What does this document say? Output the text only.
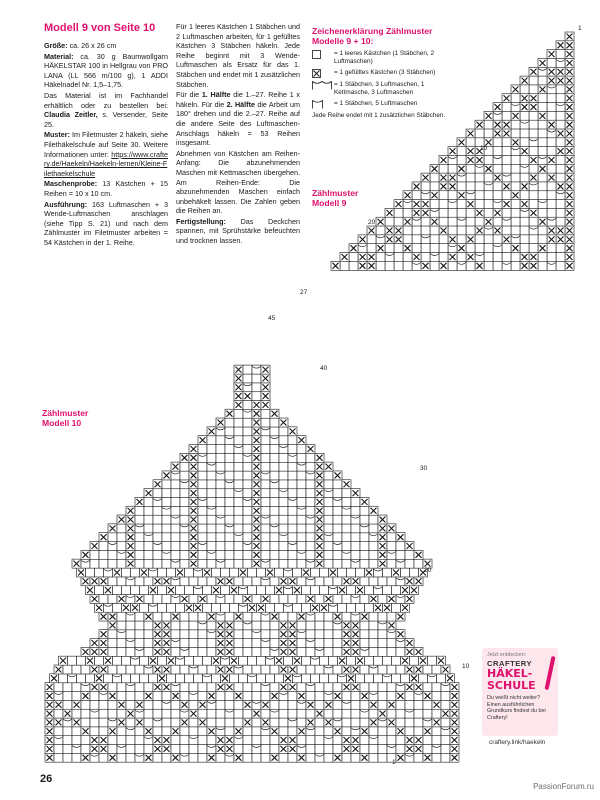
Modell 9 von Seite 10

Größe: ca. 26 x 26 cm

Material: ca. 30 g Baumwollgarn HÄKELSTAR 100 in Hellgrau von PRO LANA (LL 566 m/100 g), 1 ADDI Häkelnadel Nr. 1,5–1,75.

Das Material ist im Fachhandel erhältlich oder zu bestellen bei: Claudia Zeitler, s. Versender, Seite 25.

Muster: Im Filetmuster 2 häkeln, siehe Filethäkelschule auf Seite 30. Weitere Informationen unter: https://www.craftery.de/Haekeln/Haekeln-lernen/Kleine-Filethaekelschule

Maschenprobe: 13 Kästchen + 15 Reihen = 10 x 10 cm.

Ausführung: 163 Luftmaschen + 3 Wende-Luftmaschen anschlagen (siehe Tipp S. 21) und nach dem Zählmuster im Filetmuster arbeiten = 54 Kästchen in der 1. Reihe.

Für 1 leeres Kästchen 1 Stäbchen und 2 Luftmaschen arbeiten, für 1 gefülltes Kästchen 3 Stäbchen häkeln. Jede Reihe beginnt mit 3 Wende-Luftmaschen als Ersatz für das 1. Stäbchen und endet mit 1 zusätzlichen Stäbchen.

Für die 1. Hälfte die 1.–27. Reihe 1 x häkeln. Für die 2. Hälfte die Arbeit um 180° drehen und die 2.–27. Reihe auf die andere Seite des Luftmaschen-Anschlags häkeln = 53 Reihen insgesamt.

Abnehmen von Kästchen am Reihen-Anfang: Die abzunehmenden Maschen mit Kettmaschen übergehen. Am Reihen-Ende: Die abzunehmenden Maschen einfach unbehäkelt lassen. Die Zahlen geben die Reihen an.

Fertigstellung: Das Deckchen spannen, mit Sprühstärke befeuchten und trocknen lassen.

Zeichenerklärung Zählmuster Modelle 9 + 10:
= 1 leeres Kästchen (1 Stäbchen, 2 Luftmaschen)
= 1 gefülltes Kästchen (3 Stäbchen)
= 1 Stäbchen, 3 Luftmaschen, 1 Kettmasche, 3 Luftmaschen
= 1 Stäbchen, 5 Luftmaschen
Jede Reihe endet mit 1 zusätzlichen Stäbchen.
Zählmuster Modell 9
Zählmuster Modell 10
1
10
20
27
1
10
20
30
40
45
Jetzt entdecken:
CRAFTERY
HÄKEL-SCHULE
Du weißt nicht weiter? Einen ausführlichen Grundkurs findest du bei Craftery!
craftery.link/haekeln
26
PassionForum.ru
